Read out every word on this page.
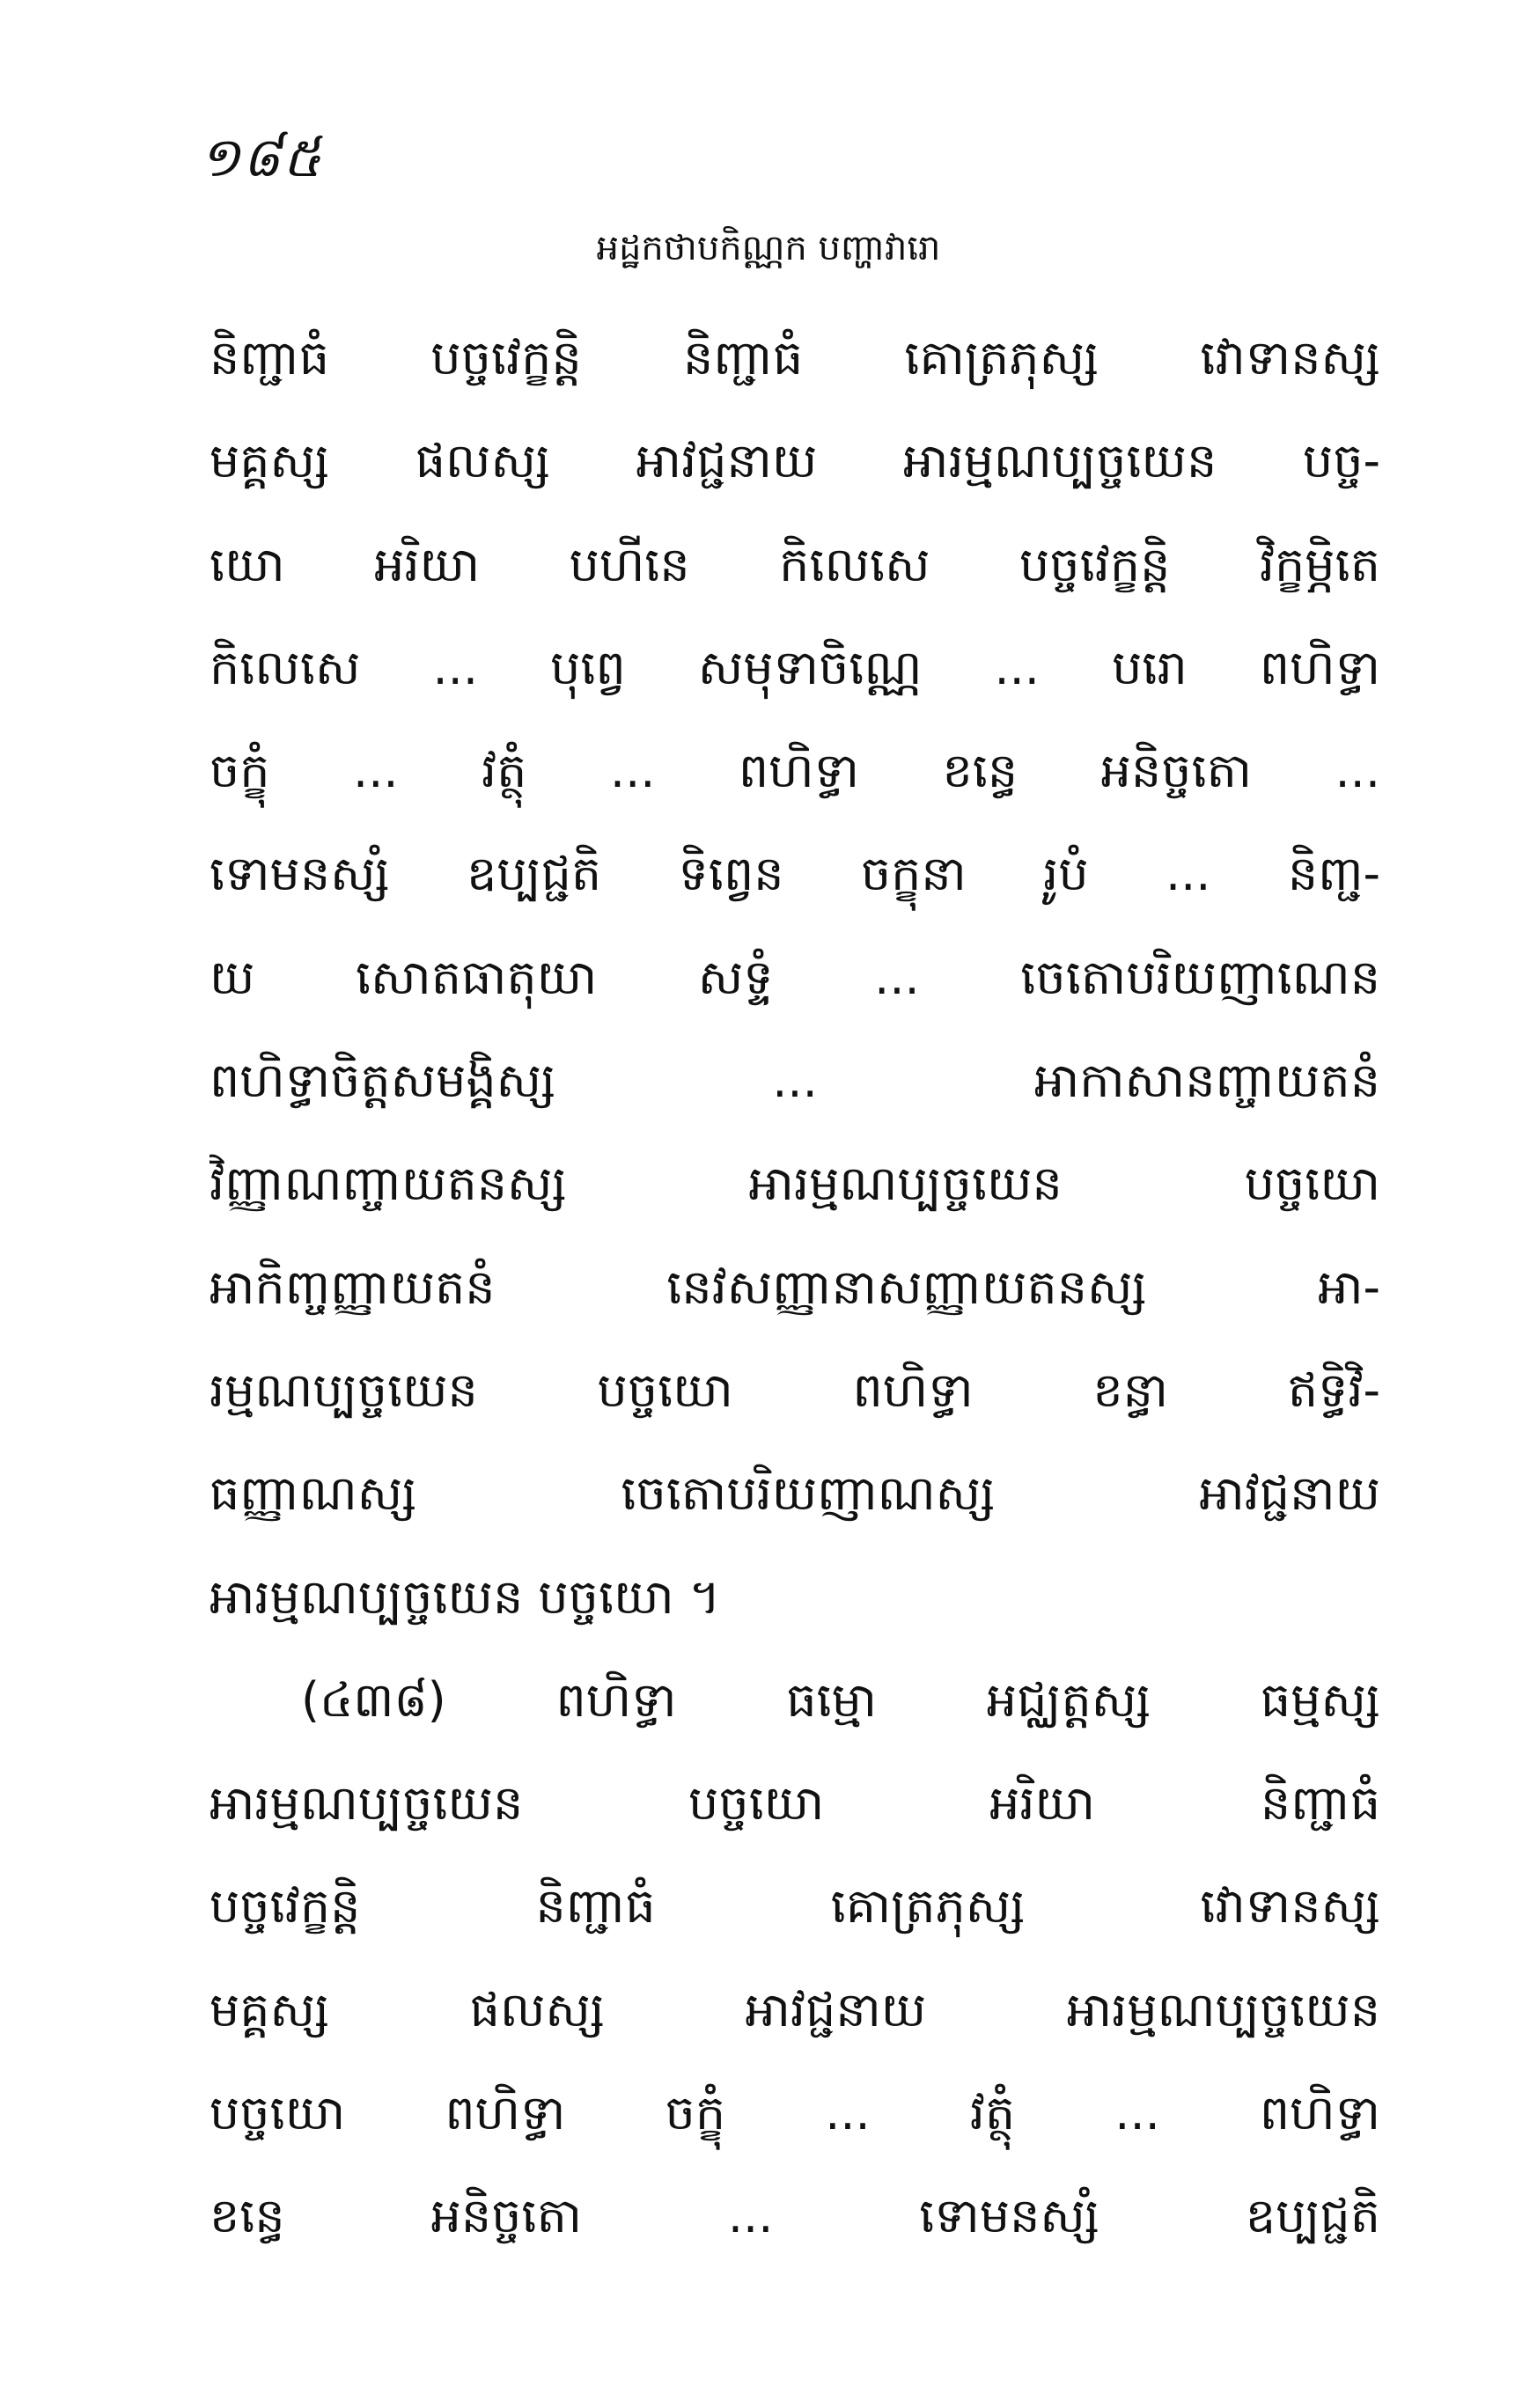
១៨៥
អដ្ឋកថាបកិណ្ណក បញ្ហាវារោ
និញ្ជាធំ បច្ចវេក្ខន្តិ និញ្ជាធំ គោត្រភុស្ស វោទានស្ស
មគ្គស្ស ផលស្ស អាវជ្ជនាយ អារម្មណប្បច្ចយេន បច្ច-
យោ អរិយា បហីនេ កិលេសេ បច្ចវេក្ខន្តិ វិក្ខម្ភិតេ
កិលេសេ ... បុព្វេ សមុទាចិណ្ណេ ... បរោ ពហិទ្ធា
ចក្ខុំ ... វត្ថុំ ... ពហិទ្ធា ខន្ធេ អនិច្ចតោ ...
ទោមនស្សំ ឧប្បជ្ជតិ ទិព្វេន ចក្ខុនា រូបំ ... និញ្ជ-
យ សោតធាតុយា សទ្ទំ ... ចេតោបរិយញាណេន
ពហិទ្ធាចិត្តសមង្គិស្ស ... អាកាសានញ្ចាយតនំ
វិញ្ញាណញ្ចាយតនស្ស អារម្មណប្បច្ចយេន បច្ចយោ
អាកិញ្ចញ្ញាយតនំ នេវសញ្ញានាសញ្ញាយតនស្ស អា-
រម្មណប្បច្ចយេន បច្ចយោ ពហិទ្ធា ខន្ធា ឥទ្ធិវិ-
ធញ្ញាណស្ស ចេតោបរិយញាណស្ស អាវជ្ជនាយ
អារម្មណប្បច្ចយេន បច្ចយោ ។
(៤៣៨) ពហិទ្ធា ធម្មោ អជ្ឈត្តស្ស ធម្មស្ស
អារម្មណប្បច្ចយេន បច្ចយោ អរិយា និញ្ជាធំ
បច្ចវេក្ខន្តិ និញ្ជាធំ គោត្រភុស្ស វោទានស្ស
មគ្គស្ស ផលស្ស អាវជ្ជនាយ អារម្មណប្បច្ចយេន
បច្ចយោ ពហិទ្ធា ចក្ខុំ ... វត្ថុំ ... ពហិទ្ធា
ខន្ធេ អនិច្ចតោ ... ទោមនស្សំ ឧប្បជ្ជតិ
